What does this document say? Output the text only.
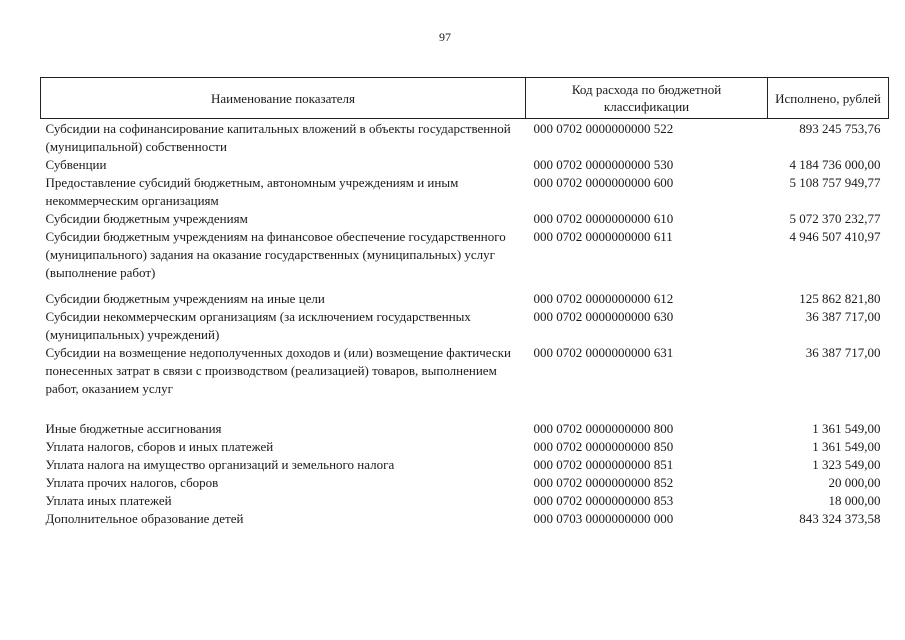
97
Наименование показателя	Код расхода по бюджетной классификации	Исполнено, рублей
Субсидии на софинансирование капитальных вложений в объекты государственной (муниципальной) собственности	000 0702 0000000000 522	893 245 753,76
Субвенции	000 0702 0000000000 530	4 184 736 000,00
Предоставление субсидий бюджетным, автономным учреждениям и иным некоммерческим организациям	000 0702 0000000000 600	5 108 757 949,77
Субсидии бюджетным учреждениям	000 0702 0000000000 610	5 072 370 232,77
Субсидии бюджетным учреждениям на финансовое обеспечение государственного (муниципального) задания на оказание государственных (муниципальных) услуг (выполнение работ)	000 0702 0000000000 611	4 946 507 410,97
Субсидии бюджетным учреждениям на иные цели	000 0702 0000000000 612	125 862 821,80
Субсидии некоммерческим организациям (за исключением государственных (муниципальных) учреждений)	000 0702 0000000000 630	36 387 717,00
Субсидии на возмещение недополученных доходов и (или) возмещение фактически понесенных затрат в связи с производством (реализацией) товаров, выполнением работ, оказанием услуг	000 0702 0000000000 631	36 387 717,00
Иные бюджетные ассигнования	000 0702 0000000000 800	1 361 549,00
Уплата налогов, сборов и иных платежей	000 0702 0000000000 850	1 361 549,00
Уплата налога на имущество организаций и земельного налога	000 0702 0000000000 851	1 323 549,00
Уплата прочих налогов, сборов	000 0702 0000000000 852	20 000,00
Уплата иных платежей	000 0702 0000000000 853	18 000,00
Дополнительное образование детей	000 0703 0000000000 000	843 324 373,58
